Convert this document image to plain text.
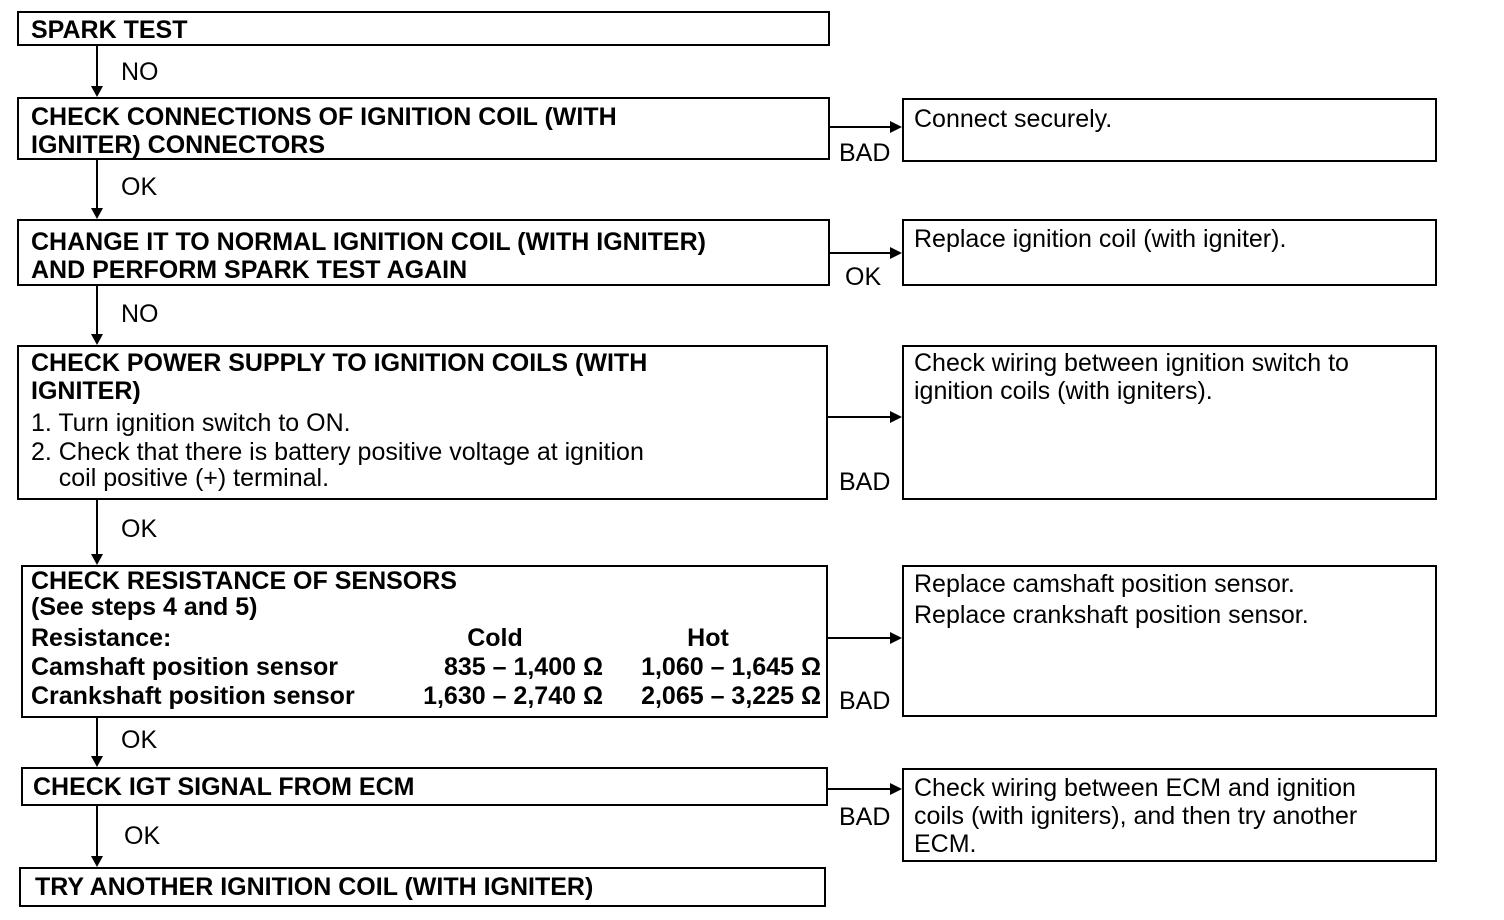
SPARK TEST
CHECK CONNECTIONS OF IGNITION COIL (WITH
IGNITER) CONNECTORS
CHANGE IT TO NORMAL IGNITION COIL (WITH IGNITER)
AND PERFORM SPARK TEST AGAIN
CHECK POWER SUPPLY TO IGNITION COILS (WITH
IGNITER)
1. Turn ignition switch to ON.
2. Check that there is battery positive voltage at ignition
coil positive (+) terminal.
CHECK RESISTANCE OF SENSORS
(See steps 4 and 5)
Resistance:	Cold	Hot
Camshaft position sensor	835 – 1,400 Ω	1,060 – 1,645 Ω
Crankshaft position sensor	1,630 – 2,740 Ω	2,065 – 3,225 Ω
CHECK IGT SIGNAL FROM ECM
TRY ANOTHER IGNITION COIL (WITH IGNITER)
Connect securely.
Replace ignition coil (with igniter).
Check wiring between ignition switch to
ignition coils (with igniters).
Replace camshaft position sensor.
Replace crankshaft position sensor.
Check wiring between ECM and ignition
coils (with igniters), and then try another
ECM.
NO
OK
NO
OK
OK
OK
BAD
OK
BAD
BAD
BAD
